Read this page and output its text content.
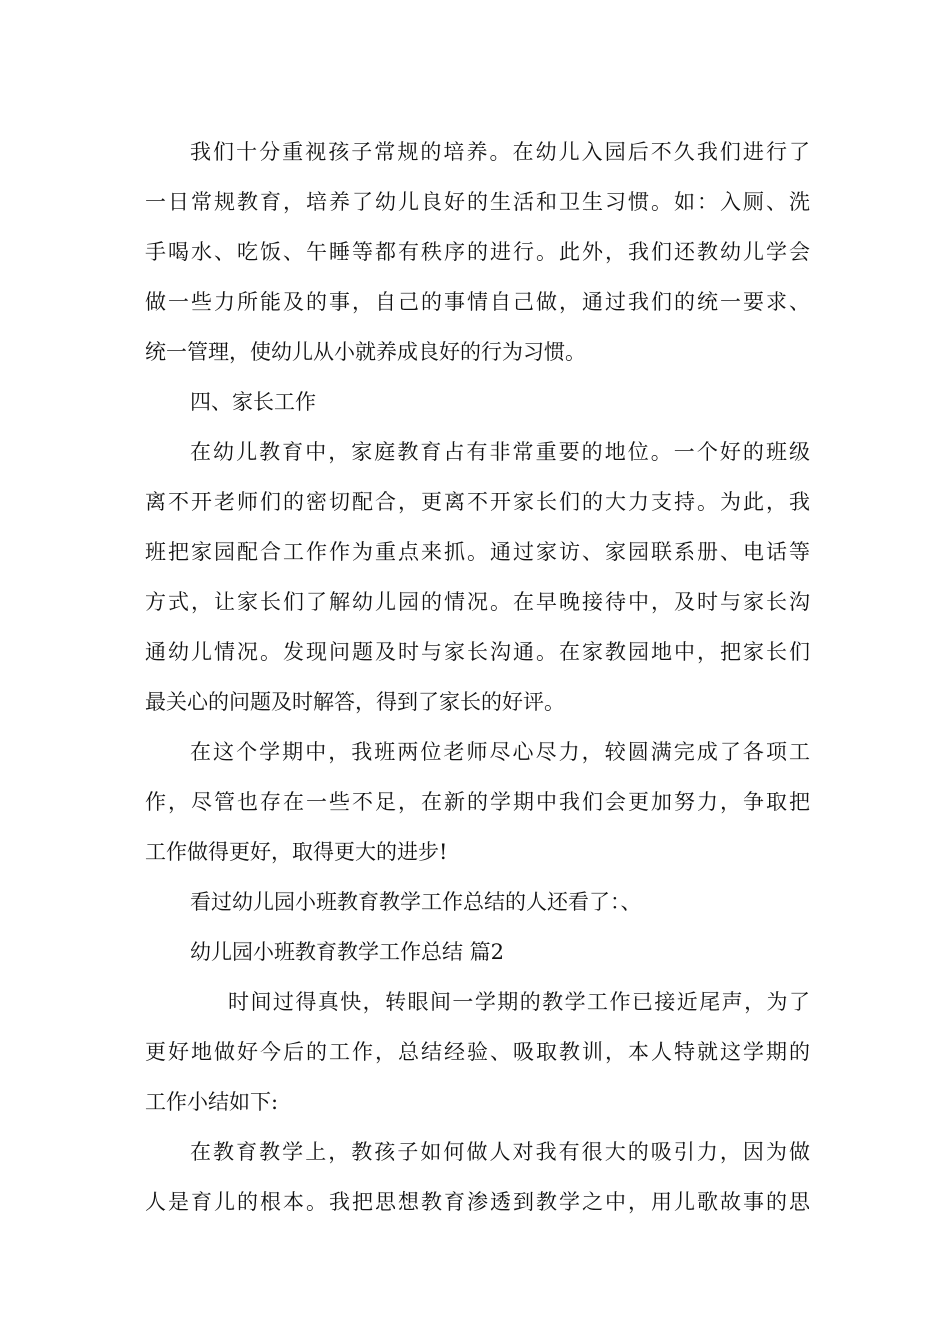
我们十分重视孩子常规的培养。在幼儿入园后不久我们进行了
一日常规教育，培养了幼儿良好的生活和卫生习惯。如：入厕、洗
手喝水、吃饭、午睡等都有秩序的进行。此外，我们还教幼儿学会
做一些力所能及的事，自己的事情自己做，通过我们的统一要求、
统一管理，使幼儿从小就养成良好的行为习惯。
四、家长工作
在幼儿教育中，家庭教育占有非常重要的地位。一个好的班级
离不开老师们的密切配合，更离不开家长们的大力支持。为此，我
班把家园配合工作作为重点来抓。通过家访、家园联系册、电话等
方式，让家长们了解幼儿园的情况。在早晚接待中，及时与家长沟
通幼儿情况。发现问题及时与家长沟通。在家教园地中，把家长们
最关心的问题及时解答，得到了家长的好评。
在这个学期中，我班两位老师尽心尽力，较圆满完成了各项工
作，尽管也存在一些不足，在新的学期中我们会更加努力，争取把
工作做得更好，取得更大的进步!
看过幼儿园小班教育教学工作总结的人还看了：、
幼儿园小班教育教学工作总结 篇2
时间过得真快，转眼间一学期的教学工作已接近尾声，为了
更好地做好今后的工作，总结经验、吸取教训，本人特就这学期的
工作小结如下:
在教育教学上，教孩子如何做人对我有很大的吸引力，因为做
人是育儿的根本。我把思想教育渗透到教学之中，用儿歌故事的思
